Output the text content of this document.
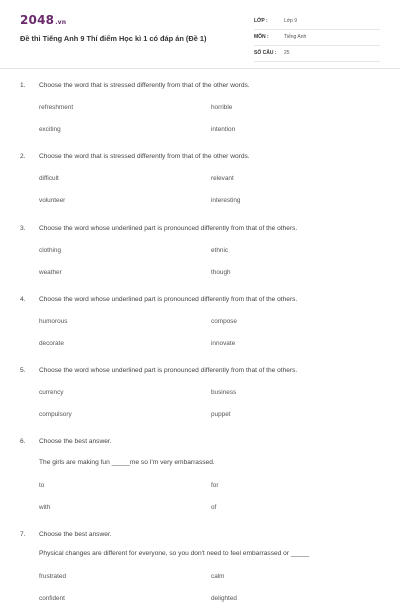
2048.vn
Đề thi Tiếng Anh 9 Thí điểm Học kì 1 có đáp án (Đề 1)
LỚP :	Lớp 9
MÔN :	Tiếng Anh
SỐ CÂU : 25
1. Choose the word that is stressed differently from that of the other words.
refreshment	horrible
exciting	intention
2. Choose the word that is stressed differently from that of the other words.
difficult	relevant
volunteer	interesting
3. Choose the word whose underlined part is pronounced differently from that of the others.
clothing	ethnic
weather	though
4. Choose the word whose underlined part is pronounced differently from that of the others.
humorous	compose
decorate	innovate
5. Choose the word whose underlined part is pronounced differently from that of the others.
currency	business
compulsory	puppet
6. Choose the best answer.
The girls are making fun _____me so I'm very embarrassed.
to	for
with	of
7. Choose the best answer.
Physical changes are different for everyone, so you don't need to feel embarrassed or _____
frustrated	calm
confident	delighted
